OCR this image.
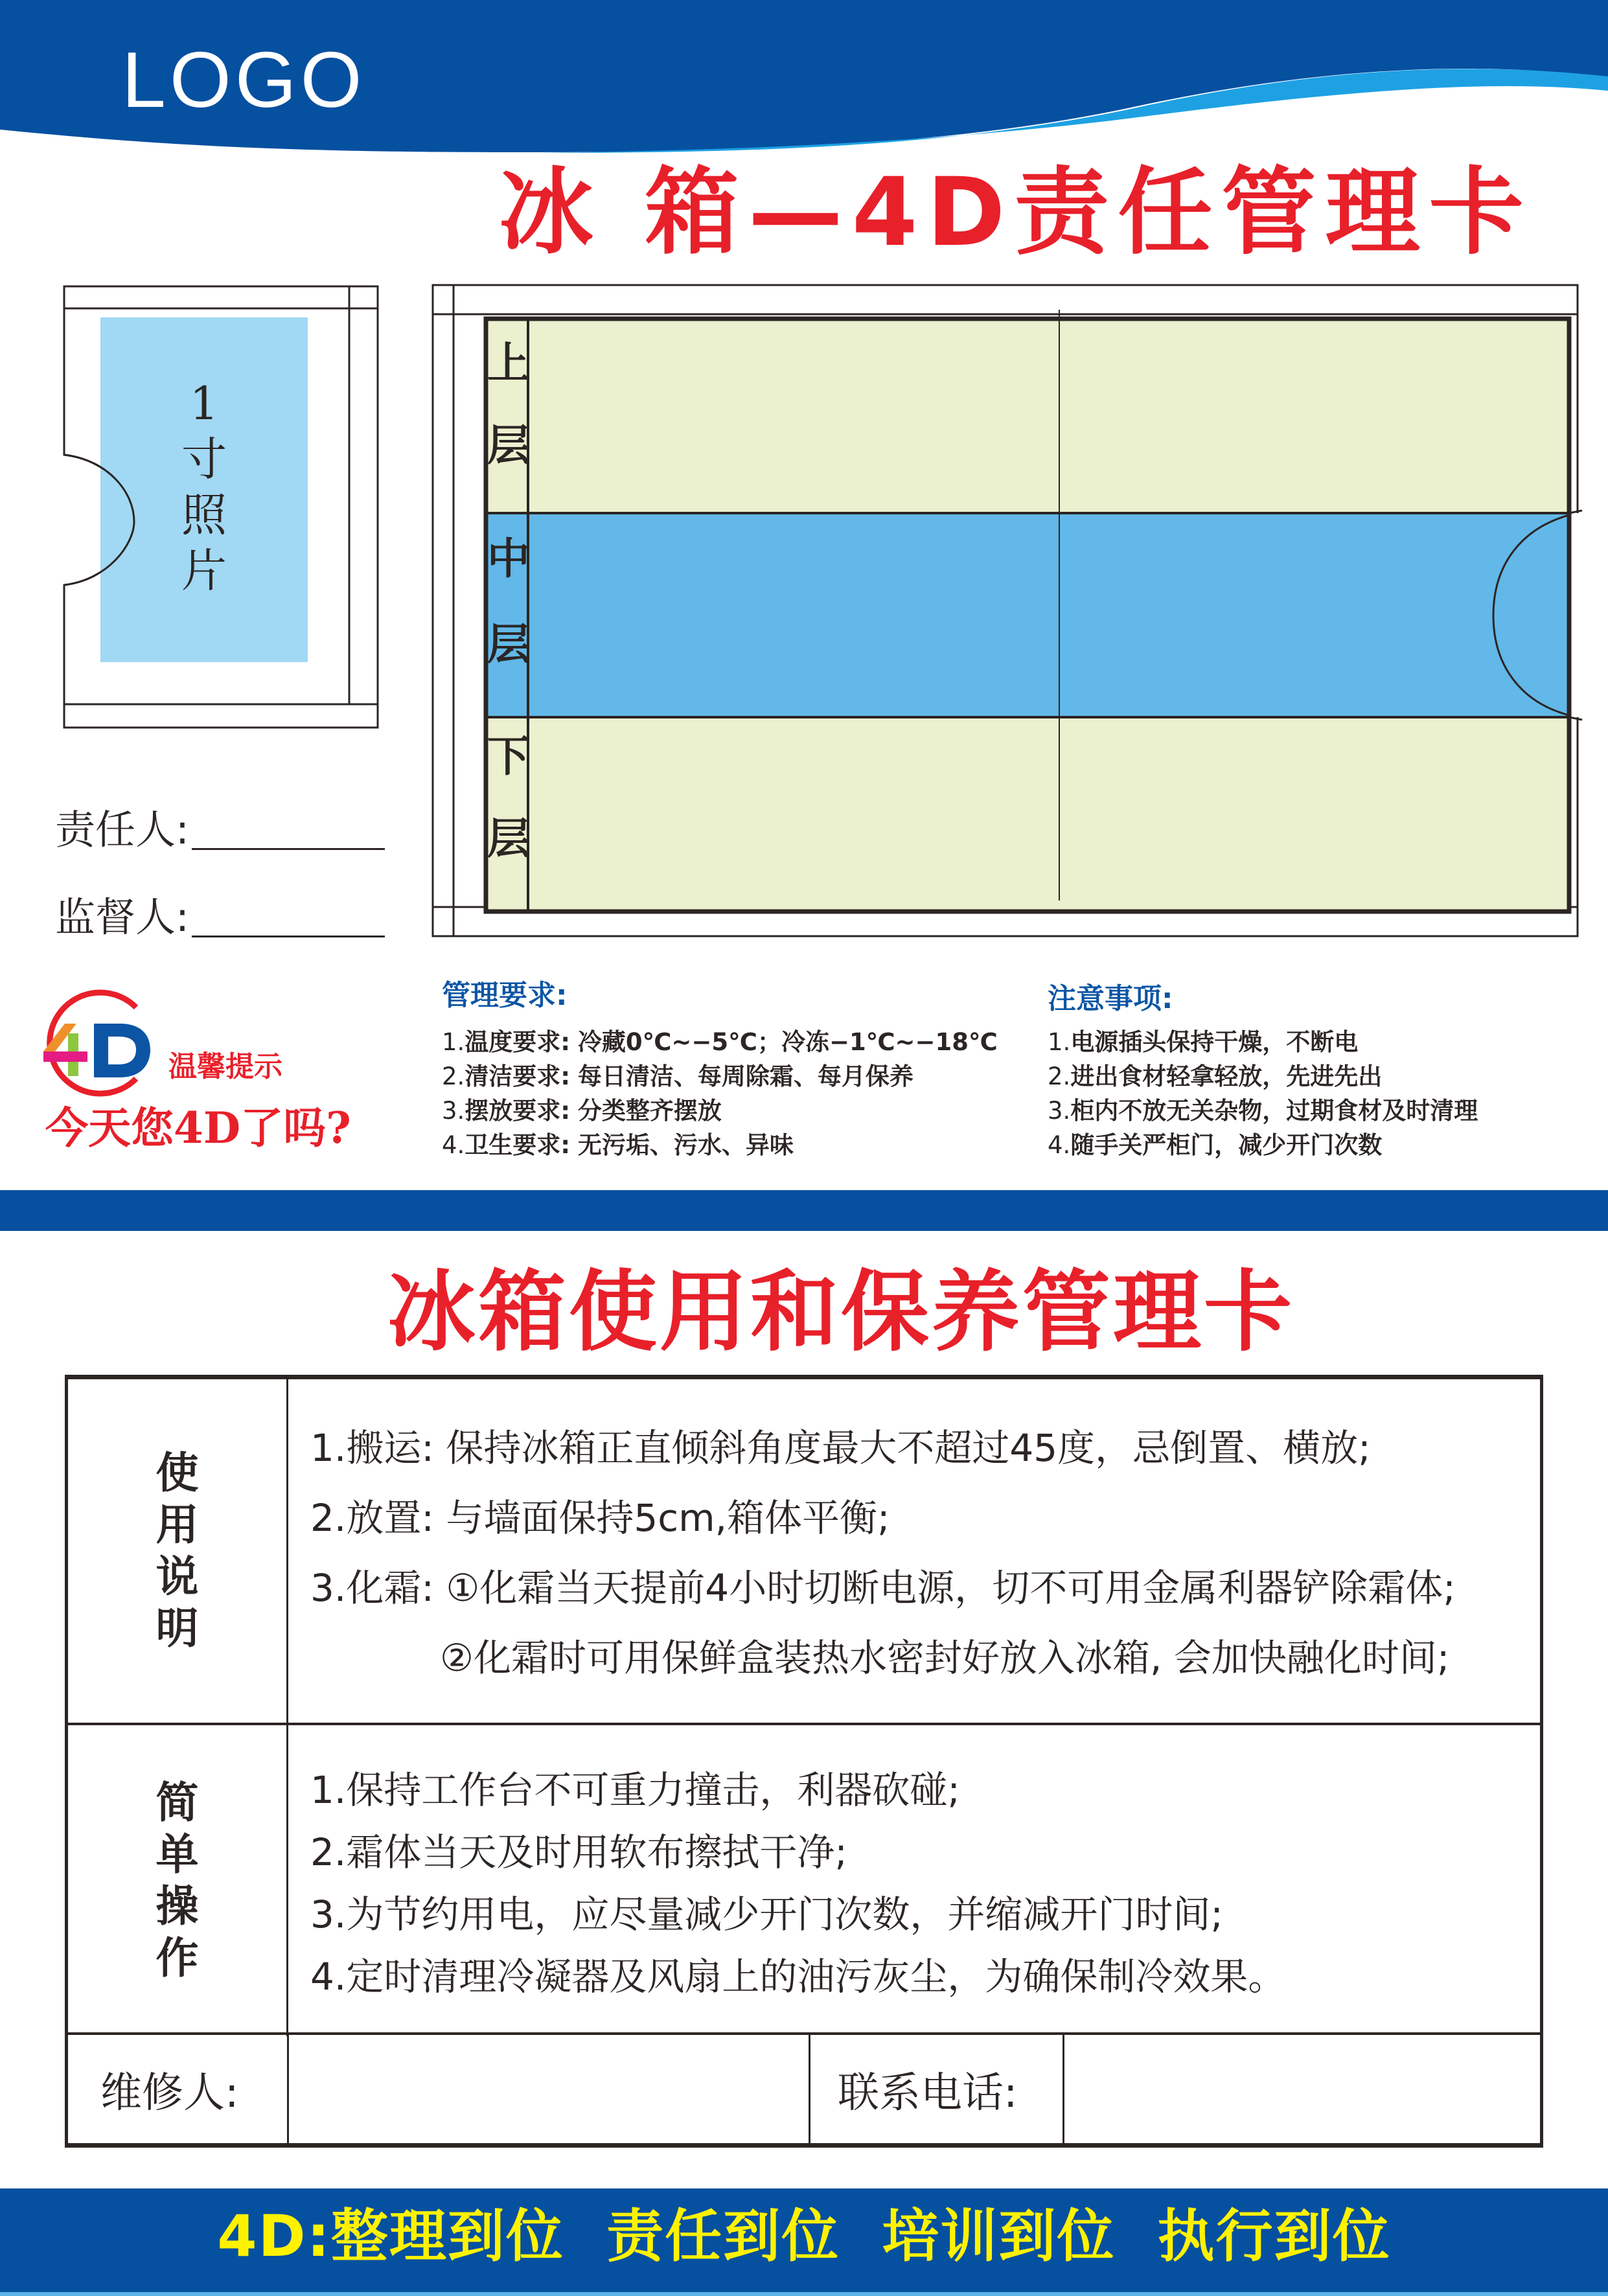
LOGO
冰 箱—4D责任管理卡
1
寸
照
片
上
层
中
层
下
层
责任人:
监督人:
温馨提示
今天您4D了吗?
管理要求:
1.温度要求: 冷藏0℃~−5℃；冷冻−1℃~−18℃
2.清洁要求: 每日清洁、每周除霜、每月保养
3.摆放要求: 分类整齐摆放
4.卫生要求: 无污垢、污水、异味
注意事项:
1.电源插头保持干燥，不断电
2.进出食材轻拿轻放，先进先出
3.柜内不放无关杂物，过期食材及时清理
4.随手关严柜门，减少开门次数
冰箱使用和保养管理卡
使
用
说
明
1.搬运: 保持冰箱正直倾斜角度最大不超过45度，忌倒置、横放;
2.放置: 与墙面保持5cm,箱体平衡;
3.化霜: ①化霜当天提前4小时切断电源，切不可用金属利器铲除霜体;
②化霜时可用保鲜盒装热水密封好放入冰箱, 会加快融化时间;
简
单
操
作
1.保持工作台不可重力撞击，利器砍碰;
2.霜体当天及时用软布擦拭干净;
3.为节约用电，应尽量减少开门次数，并缩减开门时间;
4.定时清理冷凝器及风扇上的油污灰尘，为确保制冷效果。
维修人:	联系电话:
4D:整理到位  责任到位  培训到位  执行到位
